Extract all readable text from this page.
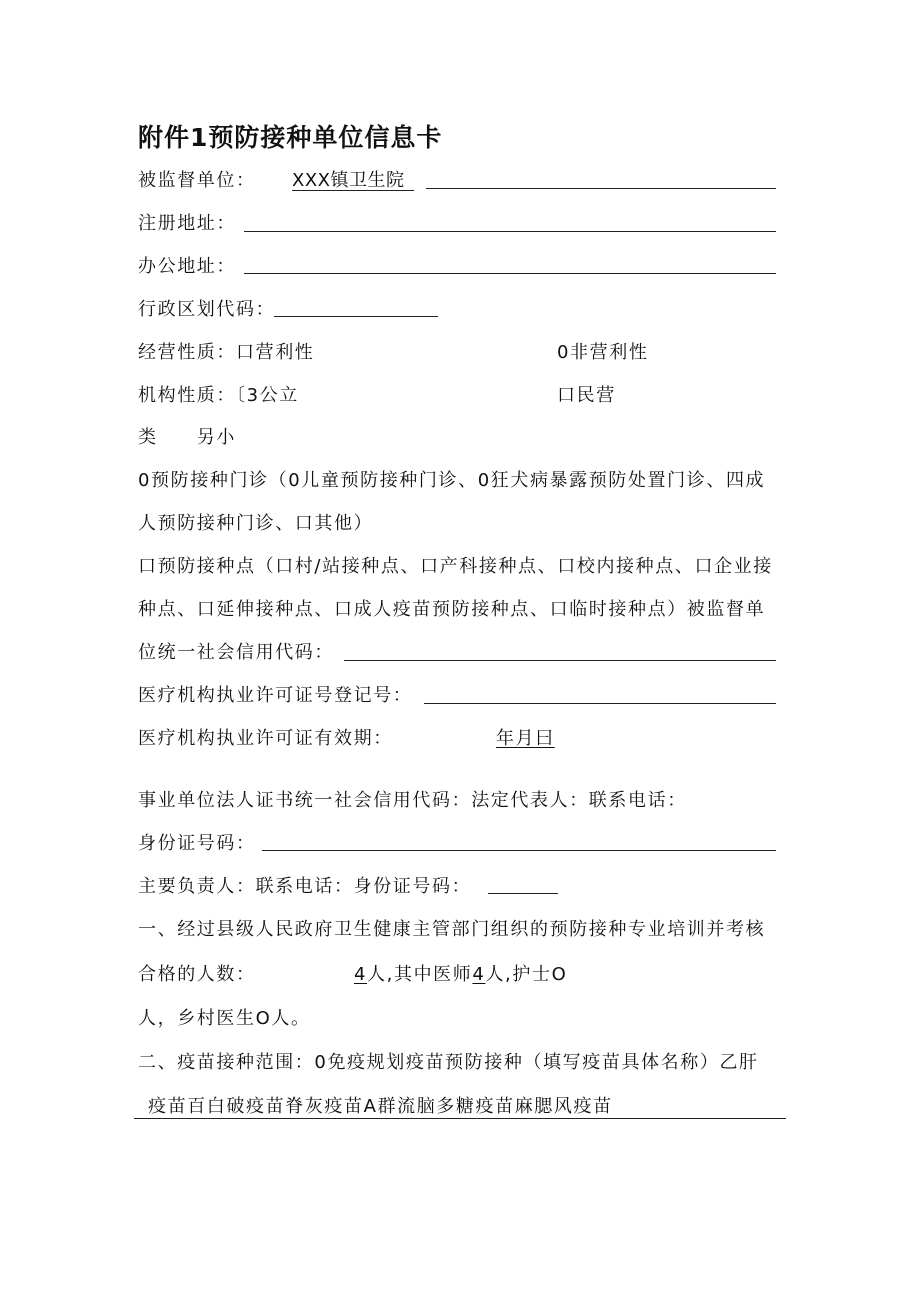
附件1预防接种单位信息卡
被监督单位： XXX镇卫生院
注册地址：
办公地址：
行政区划代码：
经营性质：口营利性	0非营利性
机构性质：〔3公立	口民营
类　　另小
0预防接种门诊（0儿童预防接种门诊、0狂犬病暴露预防处置门诊、四成
人预防接种门诊、口其他）
口预防接种点（口村/站接种点、口产科接种点、口校内接种点、口企业接
种点、口延伸接种点、口成人疫苗预防接种点、口临时接种点）被监督单
位统一社会信用代码：
医疗机构执业许可证号登记号：
医疗机构执业许可证有效期：	年月曰
事业单位法人证书统一社会信用代码：法定代表人：联系电话：
身份证号码：
主要负责人：联系电话：身份证号码：
一、经过县级人民政府卫生健康主管部门组织的预防接种专业培训并考核
合格的人数：	4人,其中医师4人,护士O
人，乡村医生O人。
二、疫苗接种范围：0免疫规划疫苗预防接种（填写疫苗具体名称）乙肝
疫苗百白破疫苗脊灰疫苗A群流脑多糖疫苗麻腮风疫苗
